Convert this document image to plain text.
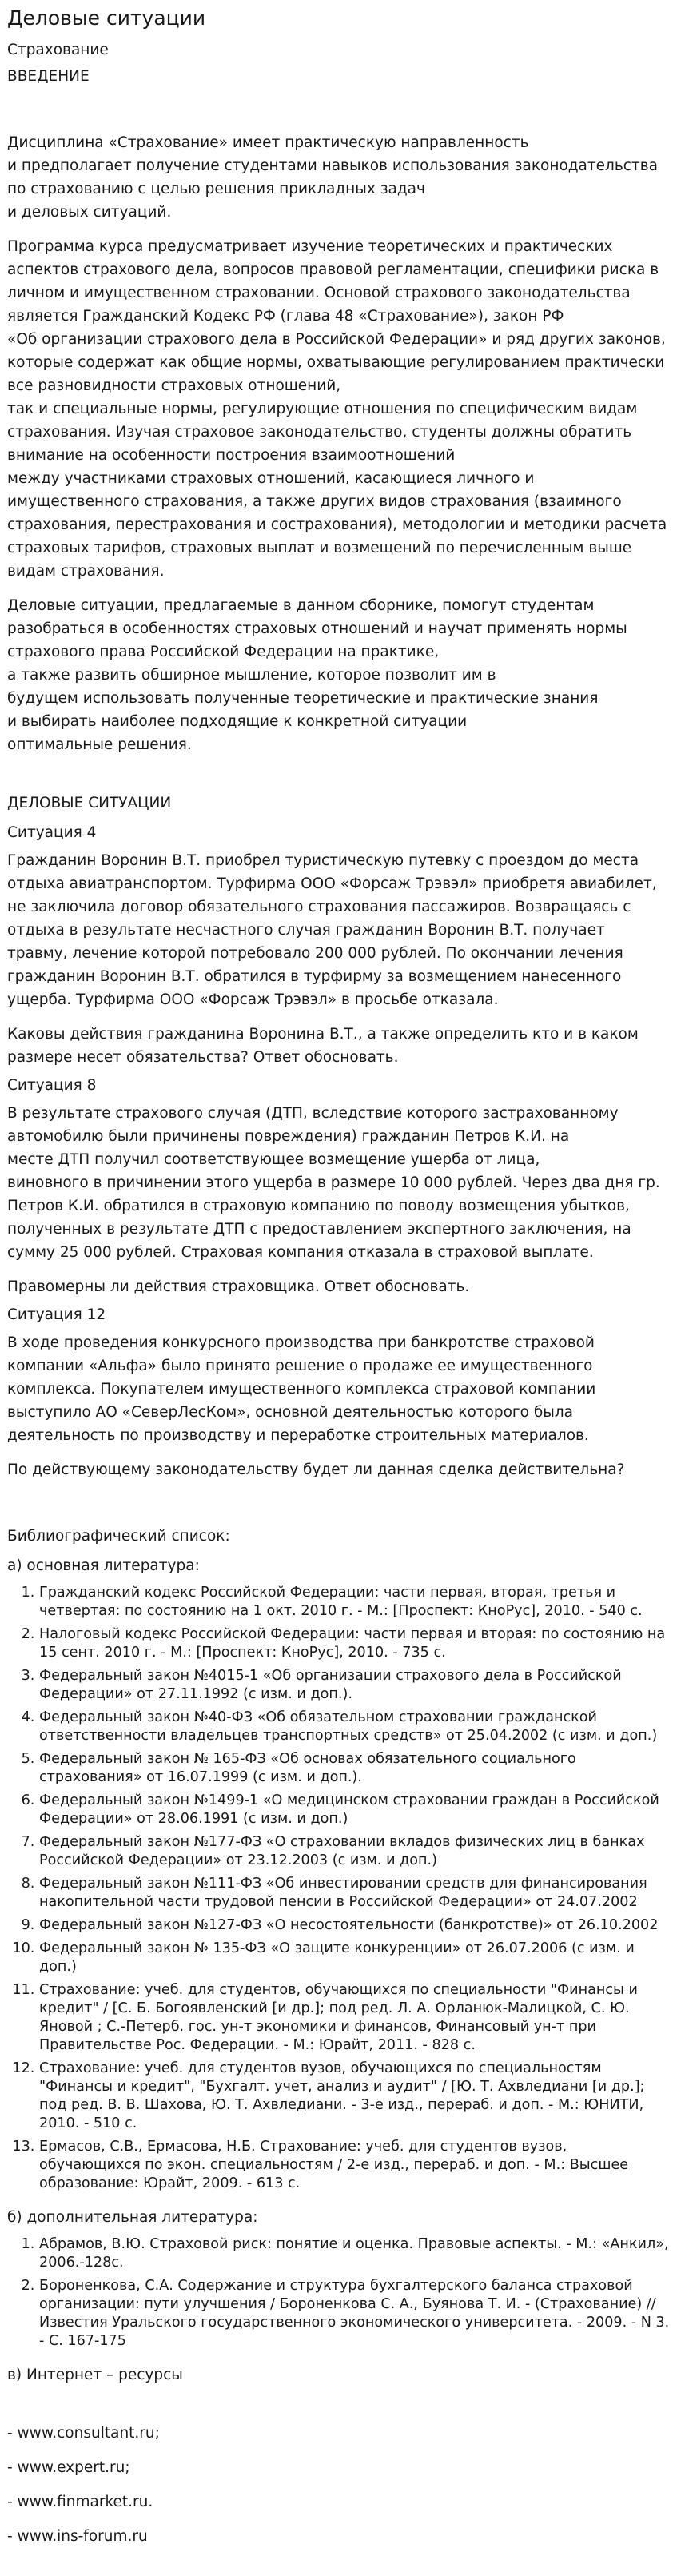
Деловые ситуации
Страхование
ВВЕДЕНИЕ

Дисциплина «Страхование» имеет практическую направленность
и предполагает получение студентами навыков использования законодательства по страхованию с целью решения прикладных задач
и деловых ситуаций.

Программа курса предусматривает изучение теоретических и практических аспектов страхового дела, вопросов правовой регламентации, специфики риска в личном и имущественном страховании. Основой страхового законодательства является Гражданский Кодекс РФ (глава 48 «Страхование»), закон РФ
«Об организации страхового дела в Российской Федерации» и ряд других законов, которые содержат как общие нормы, охватывающие регулированием практически все разновидности страховых отношений,
так и специальные нормы, регулирующие отношения по специфическим видам страхования. Изучая страховое законодательство, студенты должны обратить внимание на особенности построения взаимоотношений
между участниками страховых отношений, касающиеся личного и имущественного страхования, а также других видов страхования (взаимного страхования, перестрахования и сострахования), методологии и методики расчета страховых тарифов, страховых выплат и возмещений по перечисленным выше видам страхования.

Деловые ситуации, предлагаемые в данном сборнике, помогут студентам разобраться в особенностях страховых отношений и научат применять нормы страхового права Российской Федерации на практике,
а также развить обширное мышление, которое позволит им в
будущем использовать полученные теоретические и практические знания
и выбирать наиболее подходящие к конкретной ситуации
оптимальные решения.

ДЕЛОВЫЕ СИТУАЦИИ

Ситуация 4

Гражданин Воронин В.Т. приобрел туристическую путевку с проездом до места отдыха авиатранспортом. Турфирма ООО «Форсаж Трэвэл» приобретя авиабилет, не заключила договор обязательного страхования пассажиров. Возвращаясь с отдыха в результате несчастного случая гражданин Воронин В.Т. получает травму, лечение которой потребовало 200 000 рублей. По окончании лечения гражданин Воронин В.Т. обратился в турфирму за возмещением нанесенного ущерба. Турфирма ООО «Форсаж Трэвэл» в просьбе отказала.

Каковы действия гражданина Воронина В.Т., а также определить кто и в каком размере несет обязательства? Ответ обосновать.

Ситуация 8

В результате страхового случая (ДТП, вследствие которого застрахованному автомобилю были причинены повреждения) гражданин Петров К.И. на
месте ДТП получил соответствующее возмещение ущерба от лица,
виновного в причинении этого ущерба в размере 10 000 рублей. Через два дня гр. Петров К.И. обратился в страховую компанию по поводу возмещения убытков, полученных в результате ДТП с предоставлением экспертного заключения, на сумму 25 000 рублей. Страховая компания отказала в страховой выплате.

Правомерны ли действия страховщика. Ответ обосновать.

Ситуация 12

В ходе проведения конкурсного производства при банкротстве страховой компании «Альфа» было принято решение о продаже ее имущественного комплекса. Покупателем имущественного комплекса страховой компании выступило АО «СеверЛесКом», основной деятельностью которого была деятельность по производству и переработке строительных материалов.

По действующему законодательству будет ли данная сделка действительна?

Библиографический список:

а) основная литература:

1. Гражданский кодекс Российской Федерации: части первая, вторая, третья и четвертая: по состоянию на 1 окт. 2010 г. - М.: [Проспект: КноРус], 2010. - 540 с.
2. Налоговый кодекс Российской Федерации: части первая и вторая: по состоянию на 15 сент. 2010 г. - М.: [Проспект: КноРус], 2010. - 735 с.
3. Федеральный закон №4015-1 «Об организации страхового дела в Российской Федерации» от 27.11.1992 (с изм. и доп.).
4. Федеральный закон №40-ФЗ «Об обязательном страховании гражданской ответственности владельцев транспортных средств» от 25.04.2002 (с изм. и доп.)
5. Федеральный закон № 165-ФЗ «Об основах обязательного социального страхования» от 16.07.1999 (с изм. и доп.).
6. Федеральный закон №1499-1 «О медицинском страховании граждан в Российской Федерации» от 28.06.1991 (с изм. и доп.)
7. Федеральный закон №177-ФЗ «О страховании вкладов физических лиц в банках Российской Федерации» от 23.12.2003 (с изм. и доп.)
8. Федеральный закон №111-ФЗ «Об инвестировании средств для финансирования накопительной части трудовой пенсии в Российской Федерации» от 24.07.2002
9. Федеральный закон №127-ФЗ «О несостоятельности (банкротстве)» от 26.10.2002
10. Федеральный закон № 135-ФЗ «О защите конкуренции» от 26.07.2006 (с изм. и доп.)
11. Страхование: учеб. для студентов, обучающихся по специальности "Финансы и кредит" / [С. Б. Богоявленский [и др.]; под ред. Л. А. Орланюк-Малицкой, С. Ю. Яновой ; С.-Петерб. гос. ун-т экономики и финансов, Финансовый ун-т при Правительстве Рос. Федерации. - М.: Юрайт, 2011. - 828 с.
12. Страхование: учеб. для студентов вузов, обучающихся по специальностям "Финансы и кредит", "Бухгалт. учет, анализ и аудит" / [Ю. Т. Ахвледиани [и др.]; под ред. В. В. Шахова, Ю. Т. Ахвледиани. - 3-е изд., перераб. и доп. - М.: ЮНИТИ, 2010. - 510 с.
13. Ермасов, С.В., Ермасова, Н.Б. Страхование: учеб. для студентов вузов, обучающихся по экон. специальностям / 2-е изд., перераб. и доп. - М.: Высшее образование: Юрайт, 2009. - 613 с.

б) дополнительная литература:

1. Абрамов, В.Ю. Страховой риск: понятие и оценка. Правовые аспекты. - М.: «Анкил», 2006.-128с.
2. Бороненкова, С.А. Содержание и структура бухгалтерского баланса страховой организации: пути улучшения / Бороненкова С. А., Буянова Т. И. - (Страхование) // Известия Уральского государственного экономического университета. - 2009. - N 3. - С. 167-175

в) Интернет – ресурсы

- www.consultant.ru;

- www.expert.ru;

- www.finmarket.ru.

- www.ins-forum.ru
